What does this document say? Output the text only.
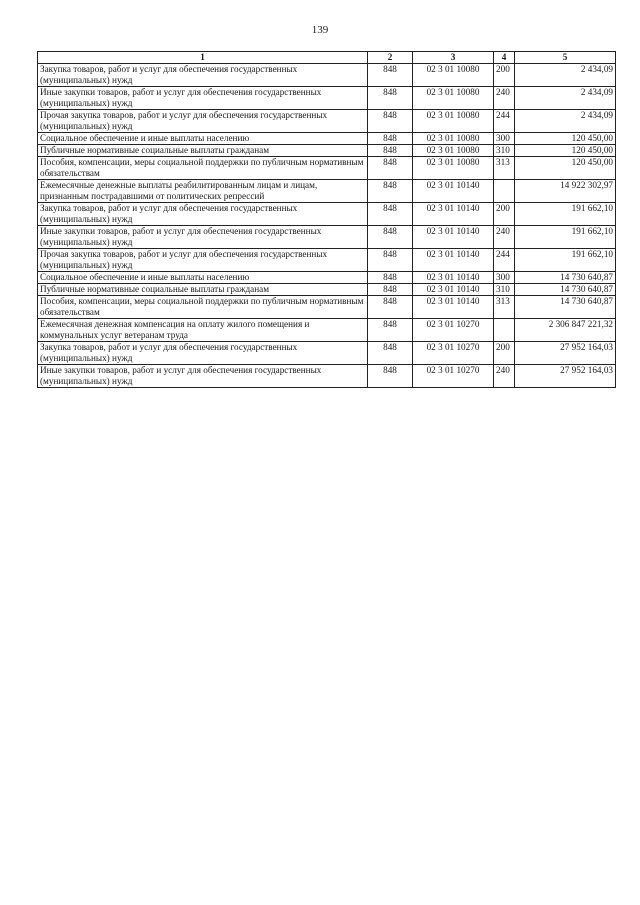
139
1	2	3	4	5
Закупка товаров, работ и услуг для обеспечения государственных (муниципальных) нужд	848	02 3 01 10080	200	2 434,09
Иные закупки товаров, работ и услуг для обеспечения государственных (муниципальных) нужд	848	02 3 01 10080	240	2 434,09
Прочая закупка товаров, работ и услуг для обеспечения государственных (муниципальных) нужд	848	02 3 01 10080	244	2 434,09
Социальное обеспечение и иные выплаты населению	848	02 3 01 10080	300	120 450,00
Публичные нормативные социальные выплаты гражданам	848	02 3 01 10080	310	120 450,00
Пособия, компенсации, меры социальной поддержки по публичным нормативным обязательствам	848	02 3 01 10080	313	120 450,00
Ежемесячные денежные выплаты реабилитированным лицам и лицам, признанным пострадавшими от политических репрессий	848	02 3 01 10140		14 922 302,97
Закупка товаров, работ и услуг для обеспечения государственных (муниципальных) нужд	848	02 3 01 10140	200	191 662,10
Иные закупки товаров, работ и услуг для обеспечения государственных (муниципальных) нужд	848	02 3 01 10140	240	191 662,10
Прочая закупка товаров, работ и услуг для обеспечения государственных (муниципальных) нужд	848	02 3 01 10140	244	191 662,10
Социальное обеспечение и иные выплаты населению	848	02 3 01 10140	300	14 730 640,87
Публичные нормативные социальные выплаты гражданам	848	02 3 01 10140	310	14 730 640,87
Пособия, компенсации, меры социальной поддержки по публичным нормативным обязательствам	848	02 3 01 10140	313	14 730 640,87
Ежемесячная денежная компенсация на оплату жилого помещения и коммунальных услуг ветеранам труда	848	02 3 01 10270		2 306 847 221,32
Закупка товаров, работ и услуг для обеспечения государственных (муниципальных) нужд	848	02 3 01 10270	200	27 952 164,03
Иные закупки товаров, работ и услуг для обеспечения государственных (муниципальных) нужд	848	02 3 01 10270	240	27 952 164,03
